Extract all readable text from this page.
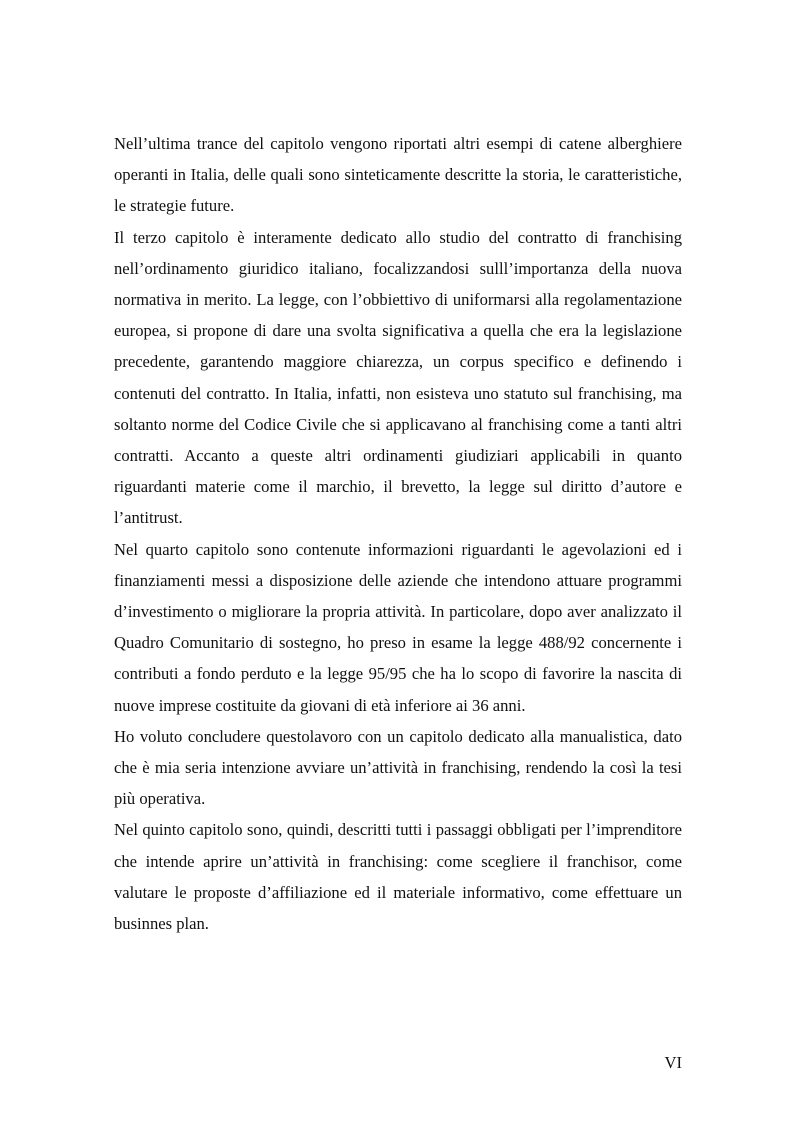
Nell’ultima trance del capitolo vengono riportati altri esempi di catene alberghiere operanti in Italia, delle quali sono sinteticamente descritte la storia, le caratteristiche, le strategie future.

Il terzo capitolo è interamente dedicato allo studio del contratto di franchising nell’ordinamento giuridico italiano, focalizzandosi sulll’importanza della nuova normativa in merito. La legge, con l’obbiettivo di uniformarsi alla regolamentazione europea, si propone di dare una svolta significativa a quella che era la legislazione precedente, garantendo maggiore chiarezza, un corpus specifico e definendo i contenuti del contratto. In Italia, infatti, non esisteva uno statuto sul franchising, ma soltanto norme del Codice Civile che si applicavano al franchising come a tanti altri contratti. Accanto a queste altri ordinamenti giudiziari applicabili in quanto riguardanti materie come il marchio, il brevetto, la legge sul diritto d’autore e l’antitrust.

Nel quarto capitolo sono contenute informazioni riguardanti le agevolazioni ed i finanziamenti messi a disposizione delle aziende che intendono attuare programmi d’investimento o migliorare la propria attività. In particolare, dopo aver analizzato il Quadro Comunitario di sostegno, ho preso in esame la legge 488/92 concernente i contributi a fondo perduto e la legge 95/95 che ha lo scopo di favorire la nascita di nuove imprese costituite da giovani di età inferiore ai 36 anni.

Ho voluto concludere questolavoro con un capitolo dedicato alla manualistica, dato che è mia seria intenzione avviare un’attività in franchising, rendendo la così la tesi più operativa.

Nel quinto capitolo sono, quindi, descritti tutti i passaggi obbligati per l’imprenditore che intende aprire un’attività in franchising: come scegliere il franchisor, come valutare le proposte d’affiliazione ed il materiale informativo, come effettuare un businnes plan.

VI
